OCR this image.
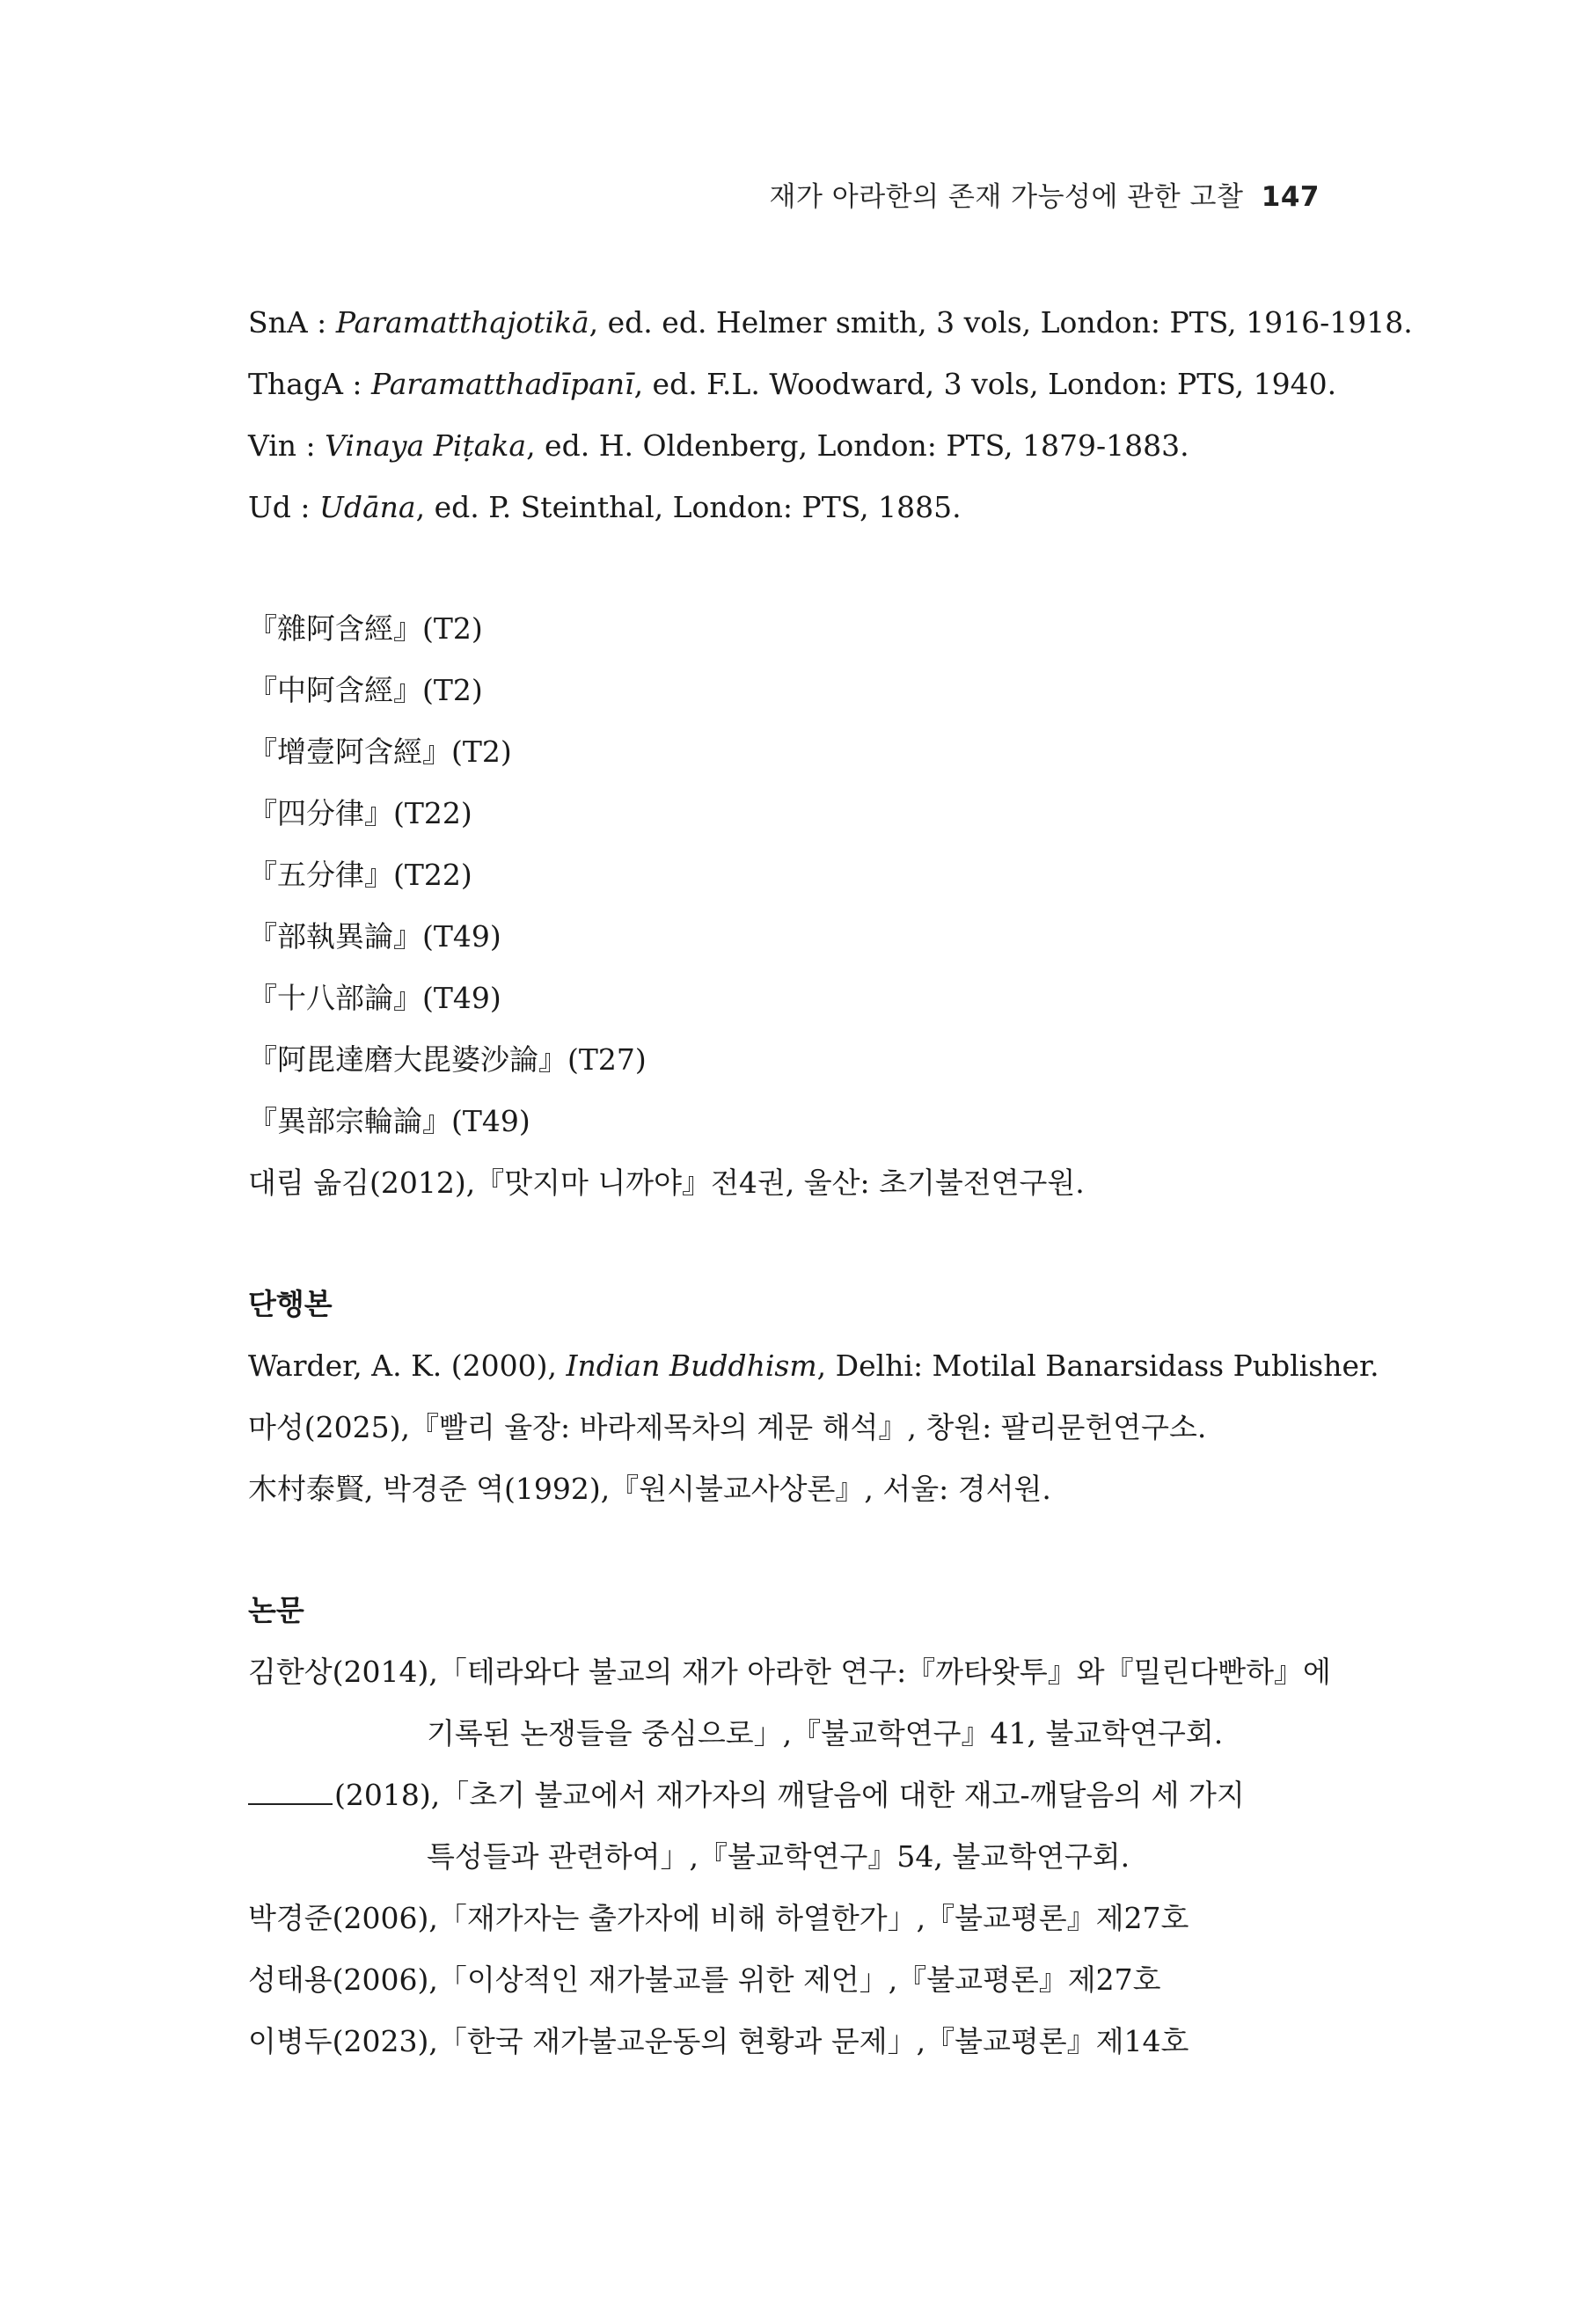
재가 아라한의 존재 가능성에 관한 고찰 147
SnA : Paramatthajotikā, ed. ed. Helmer smith, 3 vols, London: PTS, 1916-1918.
ThagA : Paramatthadīpanī, ed. F.L. Woodward, 3 vols, London: PTS, 1940.
Vin : Vinaya Piṭaka, ed. H. Oldenberg, London: PTS, 1879-1883.
Ud : Udāna, ed. P. Steinthal, London: PTS, 1885.
『雜阿含經』(T2)
『中阿含經』(T2)
『增壹阿含經』(T2)
『四分律』(T22)
『五分律』(T22)
『部執異論』(T49)
『十八部論』(T49)
『阿毘達磨大毘婆沙論』(T27)
『異部宗輪論』(T49)
대림 옮김(2012),『맛지마 니까야』전4권, 울산: 초기불전연구원.
단행본
Warder, A. K. (2000), Indian Buddhism, Delhi: Motilal Banarsidass Publisher.
마성(2025),『빨리 율장: 바라제목차의 계문 해석』, 창원: 팔리문헌연구소.
木村泰賢, 박경준 역(1992),『원시불교사상론』, 서울: 경서원.
논문
김한상(2014),「테라와다 불교의 재가 아라한 연구:『까타왓투』와『밀린다빤하』에
기록된 논쟁들을 중심으로」,『불교학연구』41, 불교학연구회.
(2018),「초기 불교에서 재가자의 깨달음에 대한 재고-깨달음의 세 가지
특성들과 관련하여」,『불교학연구』54, 불교학연구회.
박경준(2006),「재가자는 출가자에 비해 하열한가」,『불교평론』제27호
성태용(2006),「이상적인 재가불교를 위한 제언」,『불교평론』제27호
이병두(2023),「한국 재가불교운동의 현황과 문제」,『불교평론』제14호
